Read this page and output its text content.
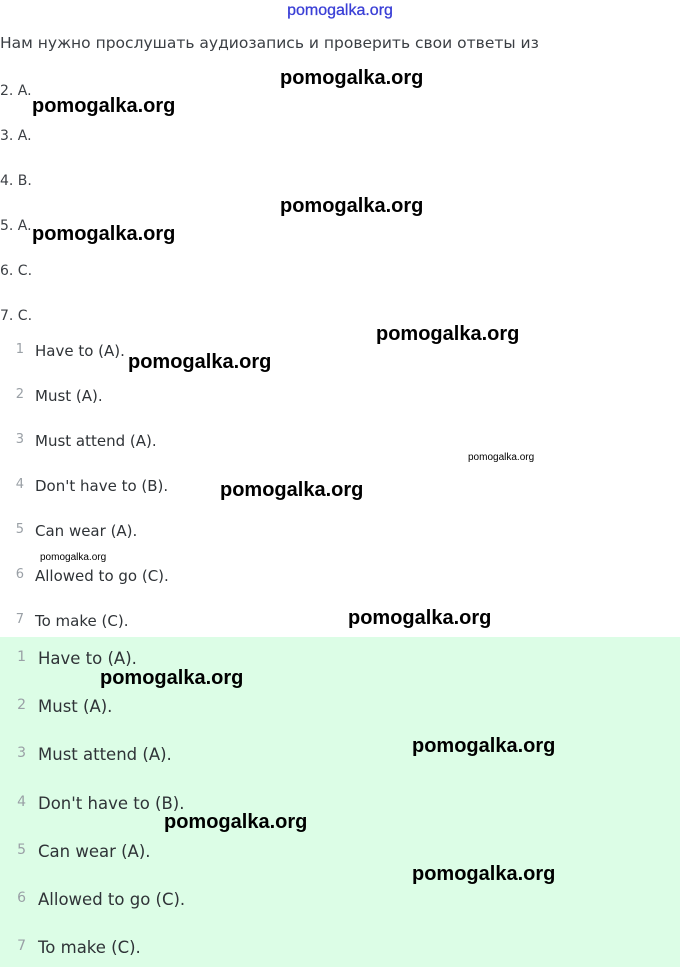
pomogalka.org
Нам нужно прослушать аудиозапись и проверить свои ответы из
2. A.
3. A.
4. B.
5. A.
6. C.
7. C.
1 Have to (A).
2 Must (A).
3 Must attend (A).
4 Don't have to (B).
5 Can wear (A).
6 Allowed to go (C).
7 To make (C).
1 Have to (A).
2 Must (A).
3 Must attend (A).
4 Don't have to (B).
5 Can wear (A).
6 Allowed to go (C).
7 To make (C).
pomogalka.org
pomogalka.org
pomogalka.org
pomogalka.org
pomogalka.org
pomogalka.org
pomogalka.org
pomogalka.org
pomogalka.org
pomogalka.org
pomogalka.org
pomogalka.org
pomogalka.org
pomogalka.org
